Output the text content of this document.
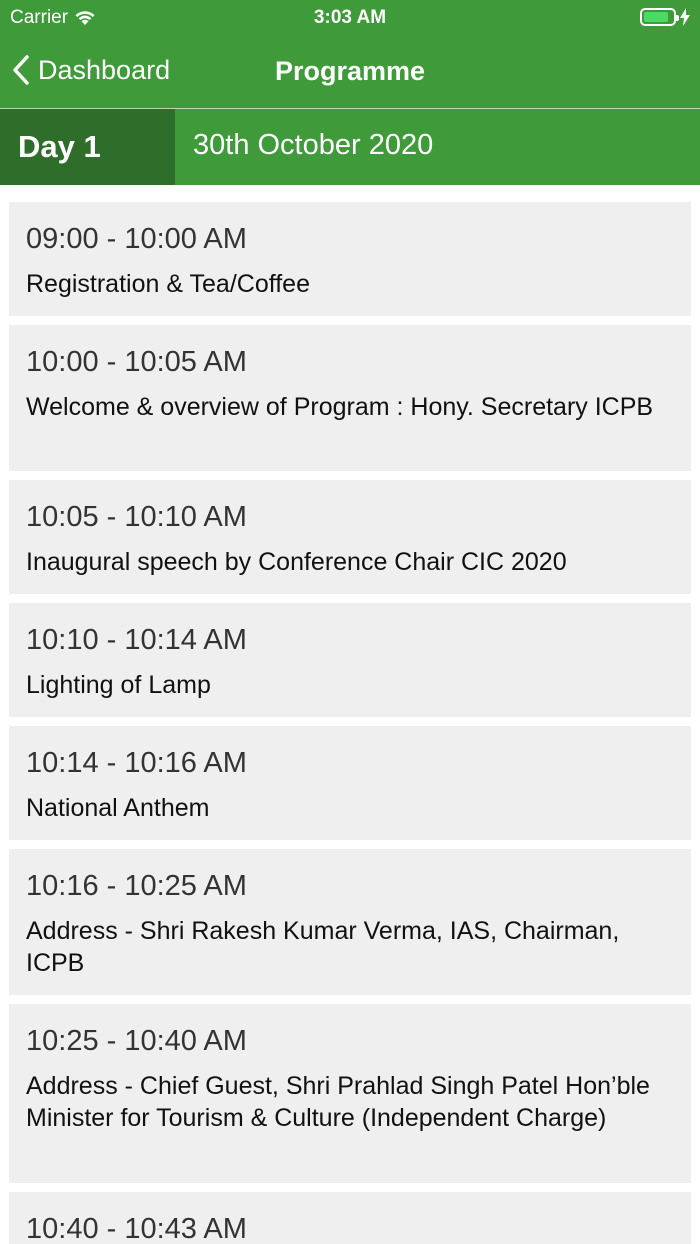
Carrier	3:03 AM
Dashboard	Programme
Day 1	30th October 2020
09:00 - 10:00 AM
Registration & Tea/Coffee
10:00 - 10:05 AM
Welcome & overview of Program : Hony. Secretary ICPB
10:05 - 10:10 AM
Inaugural speech by Conference Chair CIC 2020
10:10 - 10:14 AM
Lighting of Lamp
10:14 - 10:16 AM
National Anthem
10:16 - 10:25 AM
Address - Shri Rakesh Kumar Verma, IAS, Chairman, ICPB
10:25 - 10:40 AM
Address - Chief Guest, Shri Prahlad Singh Patel Hon’ble Minister for Tourism & Culture (Independent Charge)
10:40 - 10:43 AM
